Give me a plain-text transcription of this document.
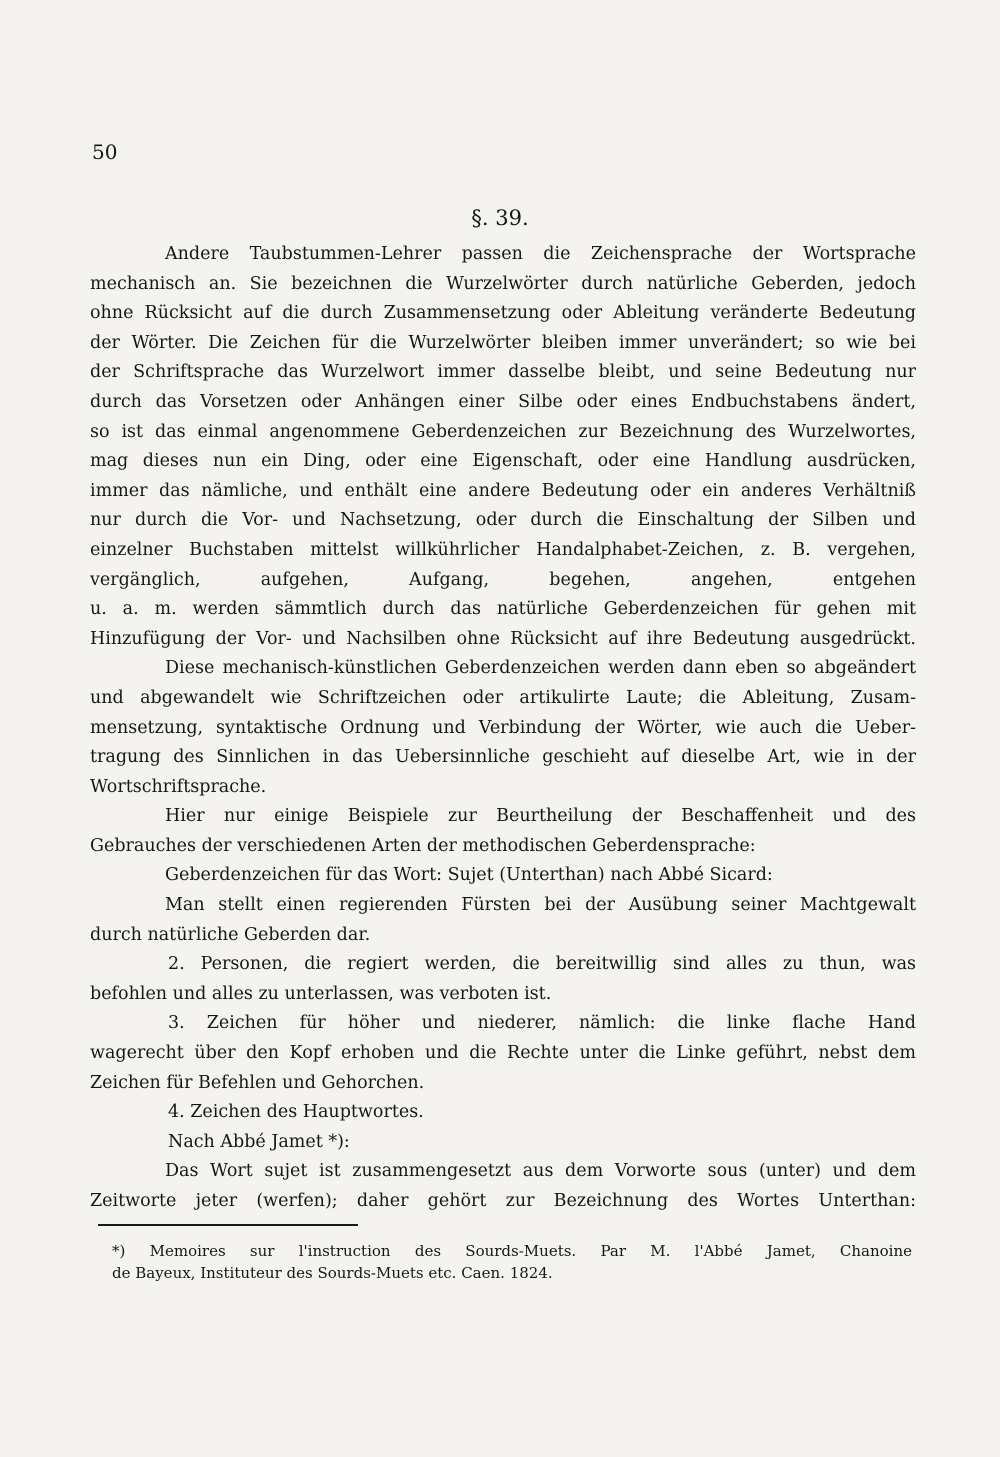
50
§. 39.
Andere Taubstummen-Lehrer passen die Zeichensprache der Wortsprache
mechanisch an. Sie bezeichnen die Wurzelwörter durch natürliche Geberden, jedoch
ohne Rücksicht auf die durch Zusammensetzung oder Ableitung veränderte Bedeutung
der Wörter. Die Zeichen für die Wurzelwörter bleiben immer unverändert; so wie bei
der Schriftsprache das Wurzelwort immer dasselbe bleibt, und seine Bedeutung nur
durch das Vorsetzen oder Anhängen einer Silbe oder eines Endbuchstabens ändert,
so ist das einmal angenommene Geberdenzeichen zur Bezeichnung des Wurzelwortes,
mag dieses nun ein Ding, oder eine Eigenschaft, oder eine Handlung ausdrücken,
immer das nämliche, und enthält eine andere Bedeutung oder ein anderes Verhältniß
nur durch die Vor- und Nachsetzung, oder durch die Einschaltung der Silben und
einzelner Buchstaben mittelst willkührlicher Handalphabet-Zeichen, z. B. vergehen,
vergänglich, aufgehen, Aufgang, begehen, angehen, entgehen
u. a. m. werden sämmtlich durch das natürliche Geberdenzeichen für gehen mit
Hinzufügung der Vor- und Nachsilben ohne Rücksicht auf ihre Bedeutung ausgedrückt.
Diese mechanisch-künstlichen Geberdenzeichen werden dann eben so abgeändert
und abgewandelt wie Schriftzeichen oder artikulirte Laute; die Ableitung, Zusam-
mensetzung, syntaktische Ordnung und Verbindung der Wörter, wie auch die Ueber-
tragung des Sinnlichen in das Uebersinnliche geschieht auf dieselbe Art, wie in der
Wortschriftsprache.
Hier nur einige Beispiele zur Beurtheilung der Beschaffenheit und des
Gebrauches der verschiedenen Arten der methodischen Geberdensprache:
Geberdenzeichen für das Wort: Sujet (Unterthan) nach Abbé Sicard:
Man stellt einen regierenden Fürsten bei der Ausübung seiner Machtgewalt
durch natürliche Geberden dar.
2. Personen, die regiert werden, die bereitwillig sind alles zu thun, was
befohlen und alles zu unterlassen, was verboten ist.
3. Zeichen für höher und niederer, nämlich: die linke flache Hand
wagerecht über den Kopf erhoben und die Rechte unter die Linke geführt, nebst dem
Zeichen für Befehlen und Gehorchen.
4. Zeichen des Hauptwortes.
Nach Abbé Jamet *):
Das Wort sujet ist zusammengesetzt aus dem Vorworte sous (unter) und dem
Zeitworte jeter (werfen); daher gehört zur Bezeichnung des Wortes Unterthan:
*) Memoires sur l'instruction des Sourds-Muets. Par M. l'Abbé Jamet, Chanoine
de Bayeux, Instituteur des Sourds-Muets etc. Caen. 1824.
